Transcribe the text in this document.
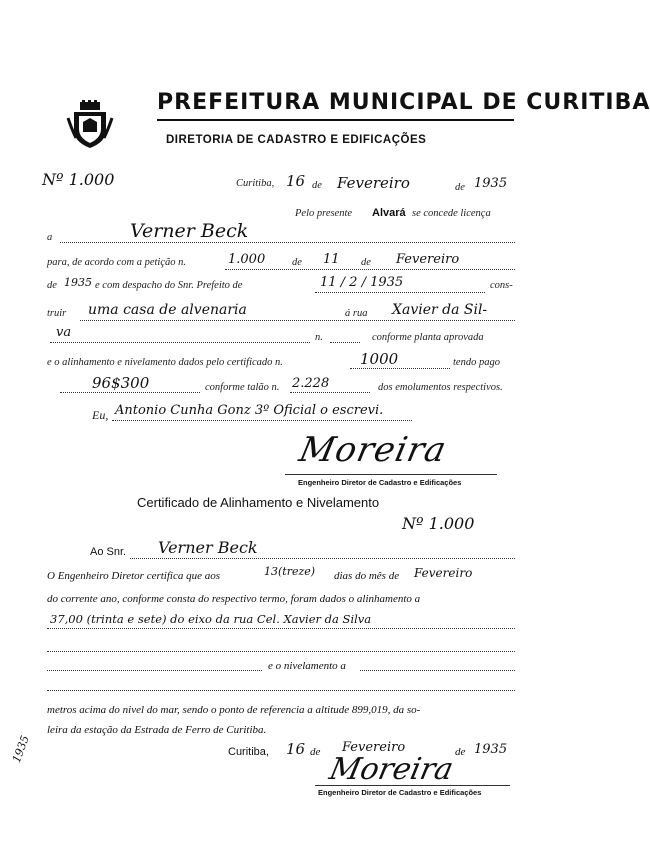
PREFEITURA MUNICIPAL DE CURITIBA
DIRETORIA DE CADASTRO E EDIFICAÇÕES
Nº 1.000	Curitiba, 16 de Fevereiro	de 1935
Pelo presente Alvará se concede licença
a	Verner Beck
para, de acordo com a petição n.	1.000	de 11 de Fevereiro
de 1935 e com despacho do Snr. Prefeito de	11 / 2 / 1935	cons-
truir uma casa de alvenaria	á rua Xavier da Sil-
va	n.	conforme planta aprovada
e o alinhamento e nivelamento dados pelo certificado n.	1000	tendo pago
96$300	conforme talão n. 2.228	dos emolumentos respectivos.
Eu, Antonio Cunha Gonz 3º Oficial o escrevi.
Moreira
Engenheiro Diretor de Cadastro e Edificações
Certificado de Alinhamento e Nivelamento
Nº 1.000
Ao Snr. Verner Beck
O Engenheiro Diretor certifica que aos	13(treze) dias do mês de Fevereiro
do corrente ano, conforme consta do respectivo termo, foram dados o alinhamento a
37,00 (trinta e sete) do eixo da rua Cel. Xavier da Silva
e o nivelamento a
metros acima do nivel do mar, sendo o ponto de referencia a altitude 899,019, da so-
leira da estação da Estrada de Ferro de Curitiba.
Curitiba, 16 de Fevereiro	de 1935
Moreira
Engenheiro Diretor de Cadastro e Edificações
1935
